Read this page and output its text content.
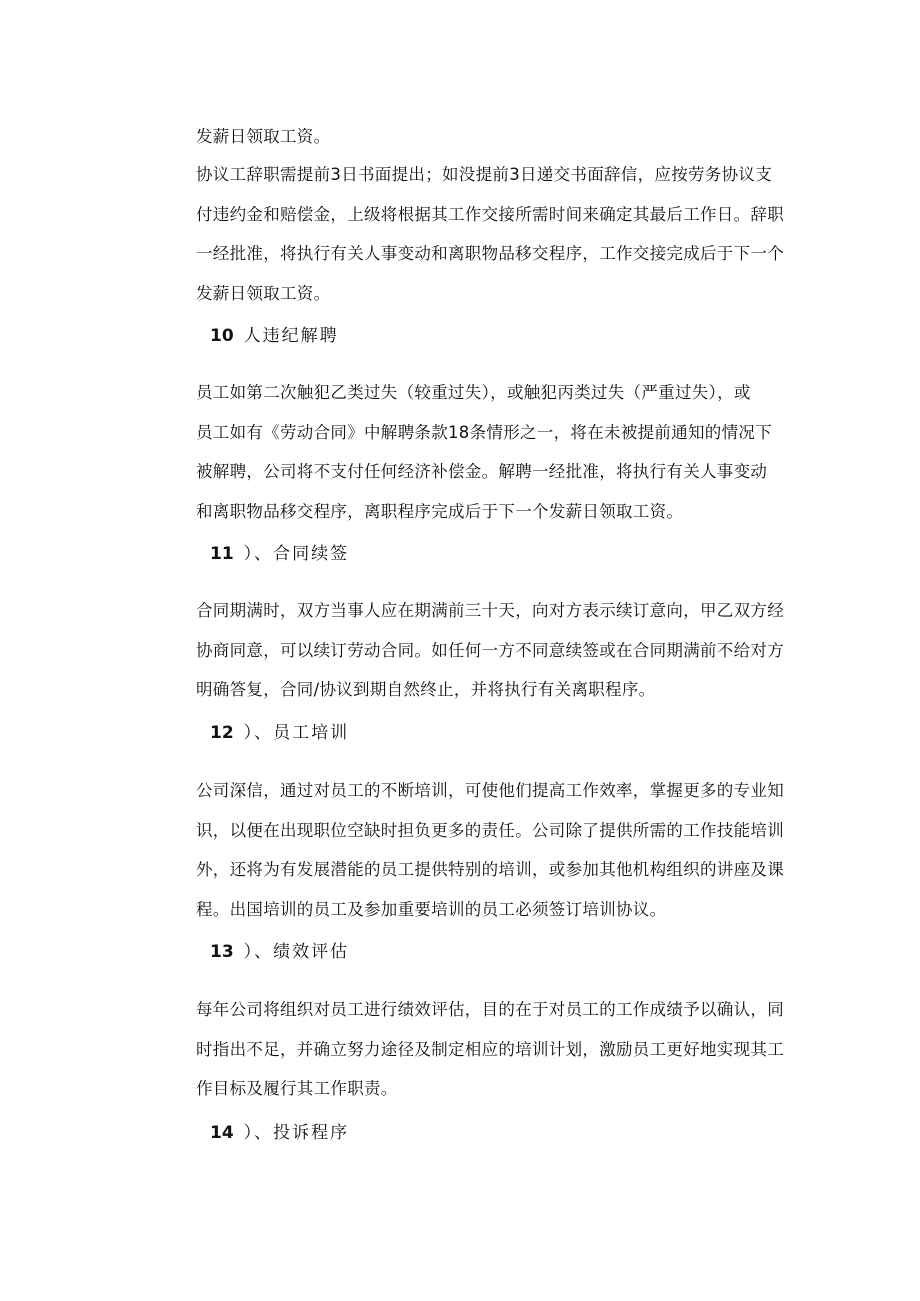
发薪日领取工资。
协议工辞职需提前3日书面提出；如没提前3日递交书面辞信，应按劳务协议支
付违约金和赔偿金，上级将根据其工作交接所需时间来确定其最后工作日。辞职
一经批准，将执行有关人事变动和离职物品移交程序，工作交接完成后于下一个
发薪日领取工资。
10 人违纪解聘
员工如第二次触犯乙类过失（较重过失），或触犯丙类过失（严重过失），或
员工如有《劳动合同》中解聘条款18条情形之一，将在未被提前通知的情况下
被解聘，公司将不支付任何经济补偿金。解聘一经批准，将执行有关人事变动
和离职物品移交程序，离职程序完成后于下一个发薪日领取工资。
11 ）、合同续签
合同期满时，双方当事人应在期满前三十天，向对方表示续订意向，甲乙双方经
协商同意，可以续订劳动合同。如任何一方不同意续签或在合同期满前不给对方
明确答复，合同/协议到期自然终止，并将执行有关离职程序。
12 ）、员工培训
公司深信，通过对员工的不断培训，可使他们提高工作效率，掌握更多的专业知
识，以便在出现职位空缺时担负更多的责任。公司除了提供所需的工作技能培训
外，还将为有发展潜能的员工提供特别的培训，或参加其他机构组织的讲座及课
程。出国培训的员工及参加重要培训的员工必须签订培训协议。
13 ）、绩效评估
每年公司将组织对员工进行绩效评估，目的在于对员工的工作成绩予以确认，同
时指出不足，并确立努力途径及制定相应的培训计划，激励员工更好地实现其工
作目标及履行其工作职责。
14 ）、投诉程序
